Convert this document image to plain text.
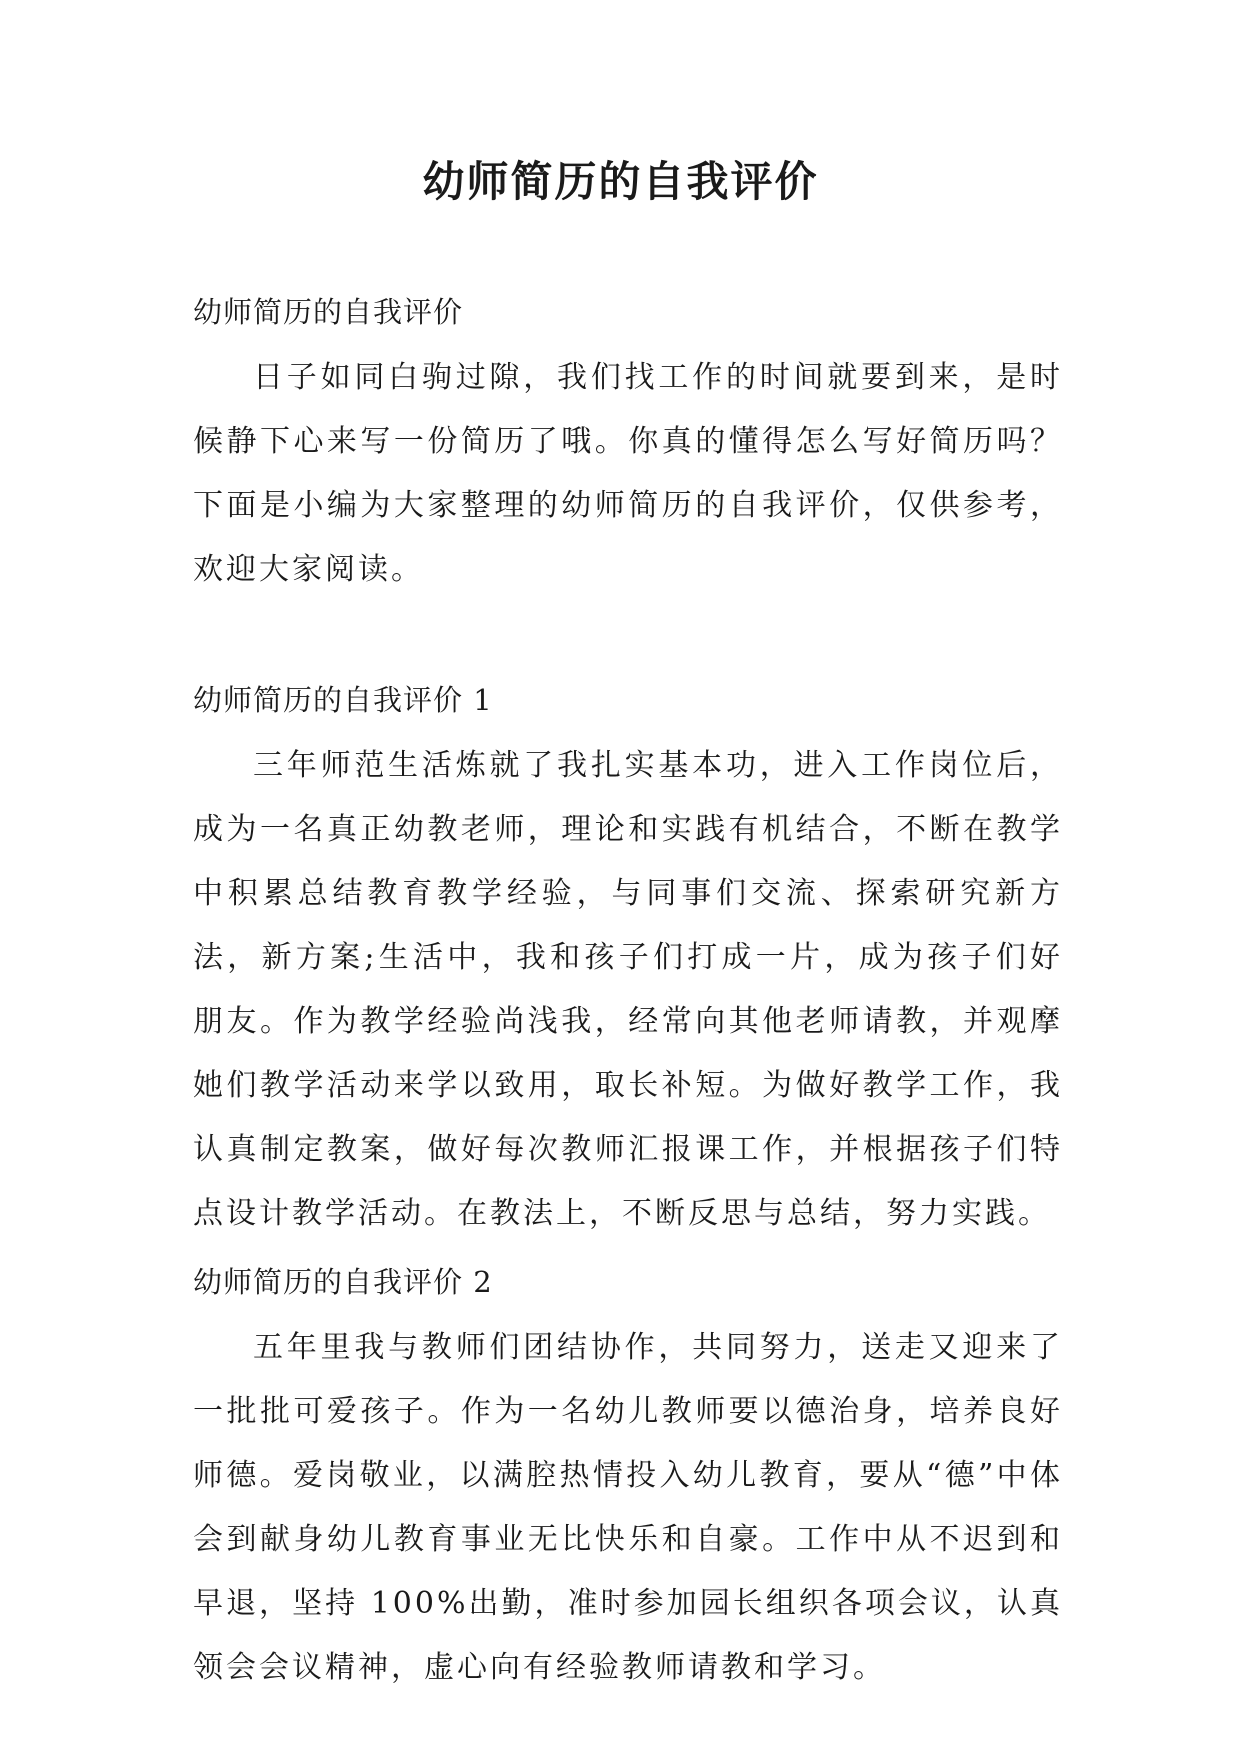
幼师简历的自我评价

幼师简历的自我评价

日子如同白驹过隙，我们找工作的时间就要到来，是时候静下心来写一份简历了哦。你真的懂得怎么写好简历吗？下面是小编为大家整理的幼师简历的自我评价，仅供参考，欢迎大家阅读。

幼师简历的自我评价 1

三年师范生活炼就了我扎实基本功，进入工作岗位后，成为一名真正幼教老师，理论和实践有机结合，不断在教学中积累总结教育教学经验，与同事们交流、探索研究新方法，新方案;生活中，我和孩子们打成一片，成为孩子们好朋友。作为教学经验尚浅我，经常向其他老师请教，并观摩她们教学活动来学以致用，取长补短。为做好教学工作，我认真制定教案，做好每次教师汇报课工作，并根据孩子们特点设计教学活动。在教法上，不断反思与总结，努力实践。

幼师简历的自我评价 2

五年里我与教师们团结协作，共同努力，送走又迎来了一批批可爱孩子。作为一名幼儿教师要以德治身，培养良好师德。爱岗敬业，以满腔热情投入幼儿教育，要从“德”中体会到献身幼儿教育事业无比快乐和自豪。工作中从不迟到和早退，坚持 100%出勤，准时参加园长组织各项会议，认真领会会议精神，虚心向有经验教师请教和学习。
